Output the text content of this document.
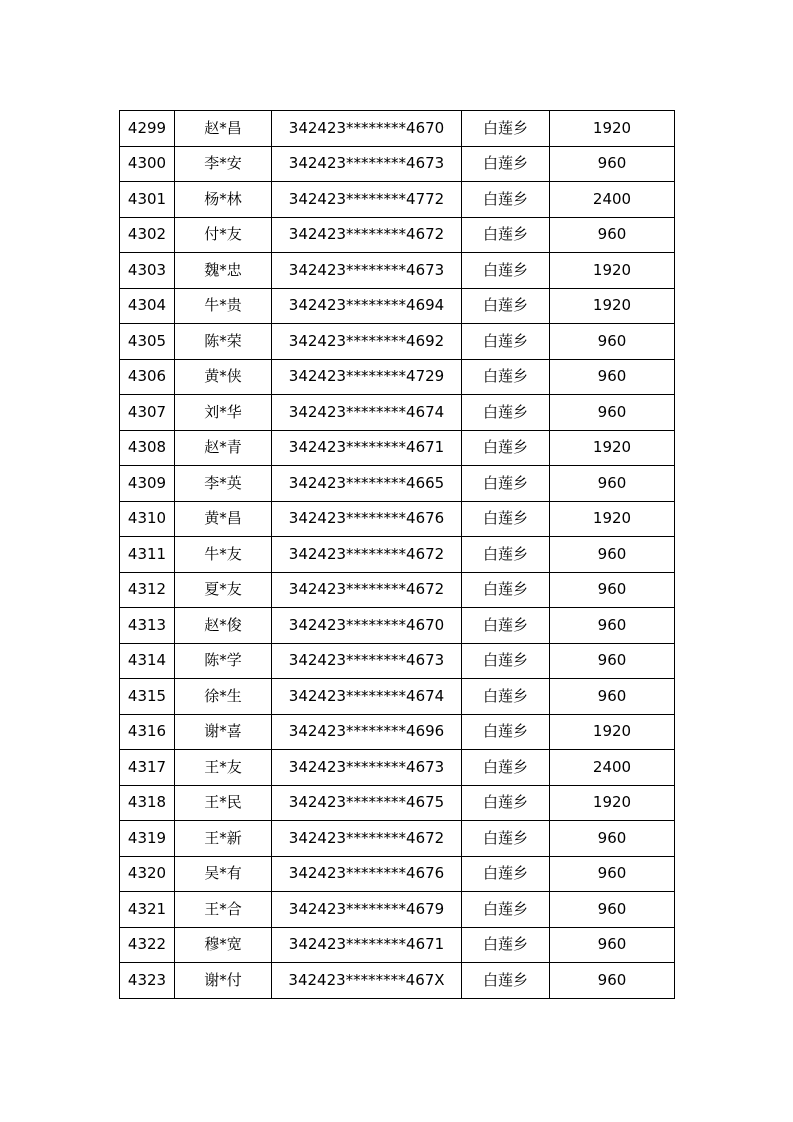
4299	赵*昌	342423********4670	白莲乡	1920
4300	李*安	342423********4673	白莲乡	960
4301	杨*林	342423********4772	白莲乡	2400
4302	付*友	342423********4672	白莲乡	960
4303	魏*忠	342423********4673	白莲乡	1920
4304	牛*贵	342423********4694	白莲乡	1920
4305	陈*荣	342423********4692	白莲乡	960
4306	黄*侠	342423********4729	白莲乡	960
4307	刘*华	342423********4674	白莲乡	960
4308	赵*青	342423********4671	白莲乡	1920
4309	李*英	342423********4665	白莲乡	960
4310	黄*昌	342423********4676	白莲乡	1920
4311	牛*友	342423********4672	白莲乡	960
4312	夏*友	342423********4672	白莲乡	960
4313	赵*俊	342423********4670	白莲乡	960
4314	陈*学	342423********4673	白莲乡	960
4315	徐*生	342423********4674	白莲乡	960
4316	谢*喜	342423********4696	白莲乡	1920
4317	王*友	342423********4673	白莲乡	2400
4318	王*民	342423********4675	白莲乡	1920
4319	王*新	342423********4672	白莲乡	960
4320	吴*有	342423********4676	白莲乡	960
4321	王*合	342423********4679	白莲乡	960
4322	穆*宽	342423********4671	白莲乡	960
4323	谢*付	342423********467X	白莲乡	960
